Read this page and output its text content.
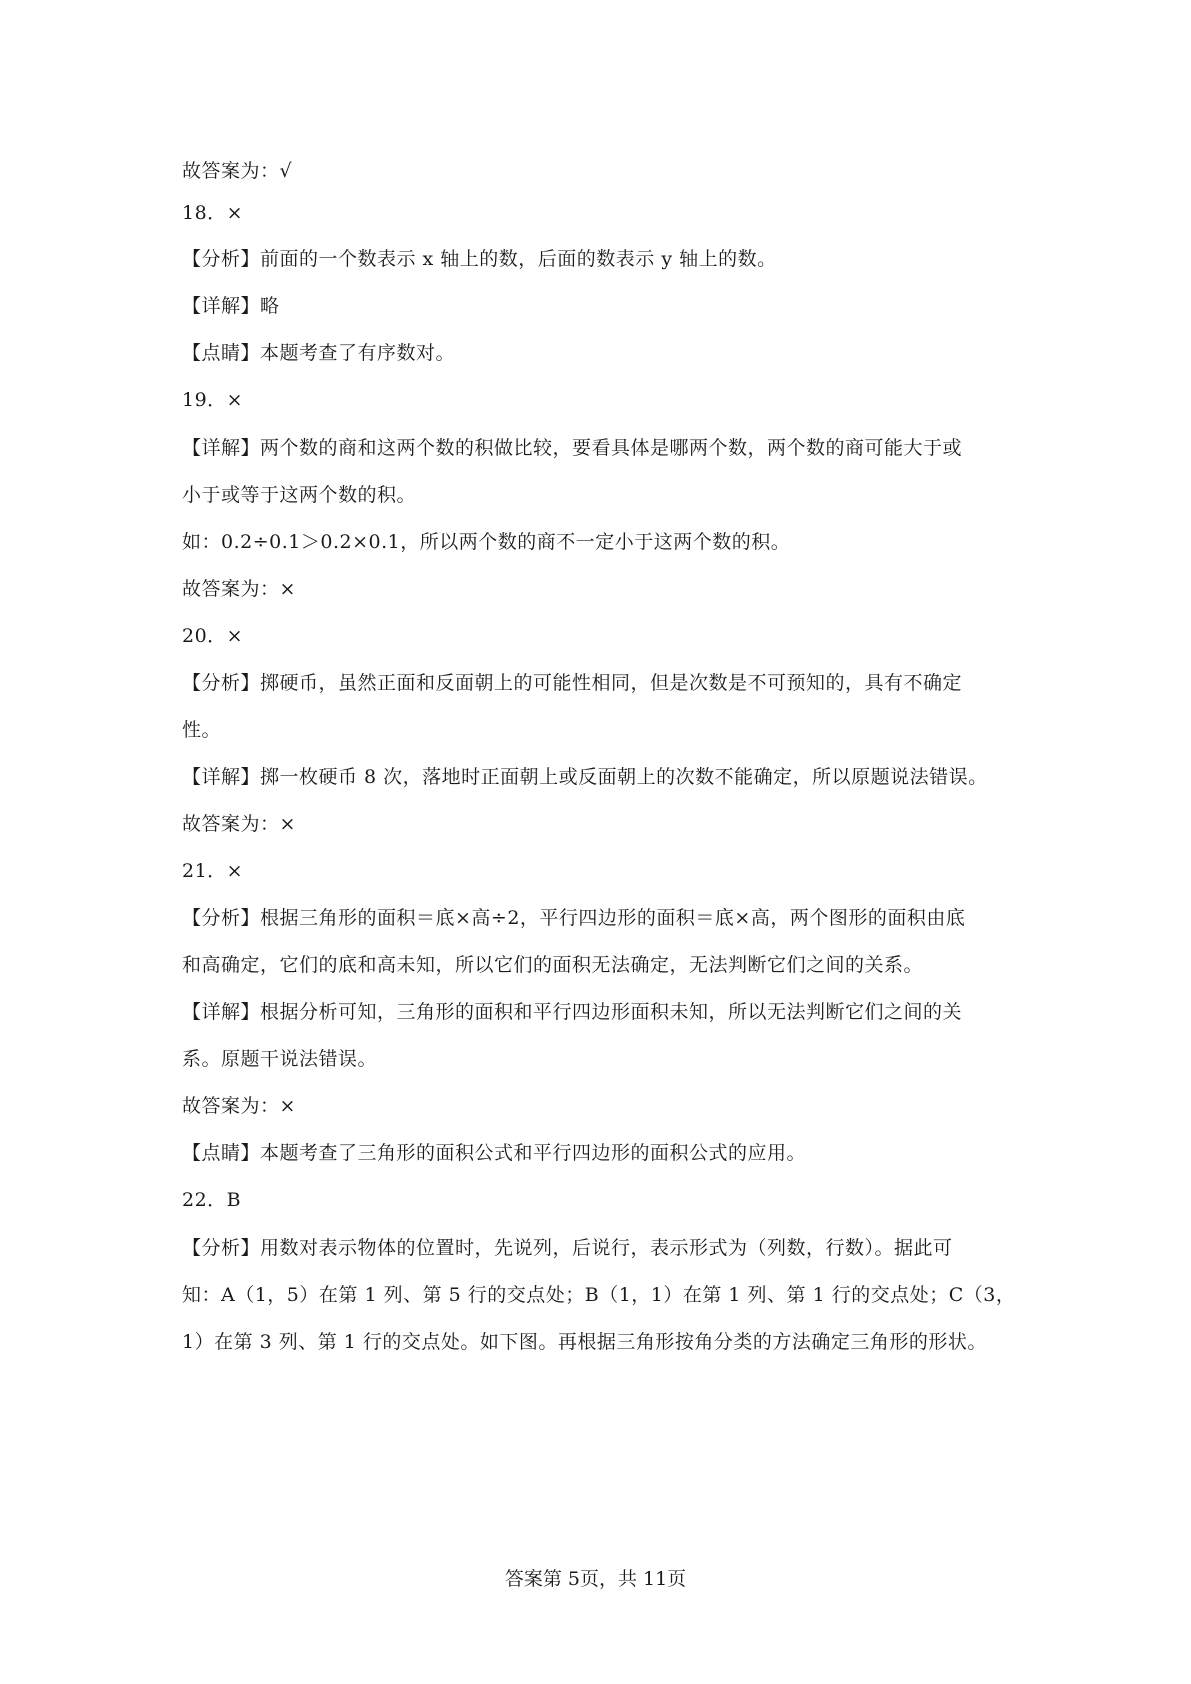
故答案为：√
18．×
【分析】前面的一个数表示 x 轴上的数，后面的数表示 y 轴上的数。
【详解】略
【点睛】本题考查了有序数对。
19．×
【详解】两个数的商和这两个数的积做比较，要看具体是哪两个数，两个数的商可能大于或
小于或等于这两个数的积。
如：0.2÷0.1＞0.2×0.1，所以两个数的商不一定小于这两个数的积。
故答案为：×
20．×
【分析】掷硬币，虽然正面和反面朝上的可能性相同，但是次数是不可预知的，具有不确定
性。
【详解】掷一枚硬币 8 次，落地时正面朝上或反面朝上的次数不能确定，所以原题说法错误。
故答案为：×
21．×
【分析】根据三角形的面积＝底×高÷2，平行四边形的面积＝底×高，两个图形的面积由底
和高确定，它们的底和高未知，所以它们的面积无法确定，无法判断它们之间的关系。
【详解】根据分析可知，三角形的面积和平行四边形面积未知，所以无法判断它们之间的关
系。原题干说法错误。
故答案为：×
【点睛】本题考查了三角形的面积公式和平行四边形的面积公式的应用。
22．B
【分析】用数对表示物体的位置时，先说列，后说行，表示形式为（列数，行数）。据此可
知：A（1，5）在第 1 列、第 5 行的交点处；B（1，1）在第 1 列、第 1 行的交点处；C（3，
1）在第 3 列、第 1 行的交点处。如下图。再根据三角形按角分类的方法确定三角形的形状。
答案第 5页，共 11页
